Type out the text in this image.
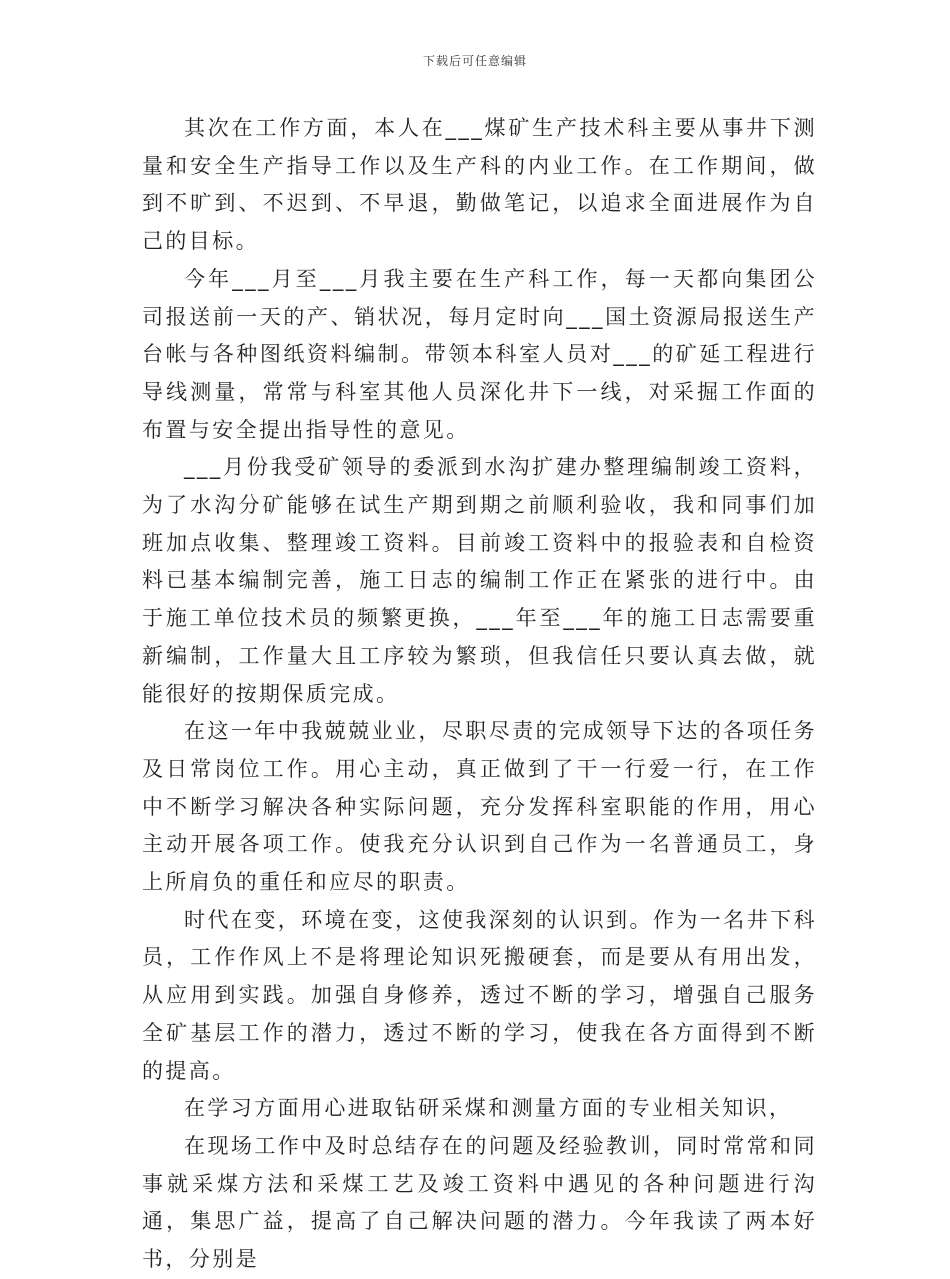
下载后可任意编辑

其次在工作方面，本人在___煤矿生产技术科主要从事井下测量和安全生产指导工作以及生产科的内业工作。在工作期间，做到不旷到、不迟到、不早退，勤做笔记，以追求全面进展作为自己的目标。

今年___月至___月我主要在生产科工作，每一天都向集团公司报送前一天的产、销状况，每月定时向___国土资源局报送生产台帐与各种图纸资料编制。带领本科室人员对___的矿延工程进行导线测量，常常与科室其他人员深化井下一线，对采掘工作面的布置与安全提出指导性的意见。

___月份我受矿领导的委派到水沟扩建办整理编制竣工资料，为了水沟分矿能够在试生产期到期之前顺利验收，我和同事们加班加点收集、整理竣工资料。目前竣工资料中的报验表和自检资料已基本编制完善，施工日志的编制工作正在紧张的进行中。由于施工单位技术员的频繁更换，___年至___年的施工日志需要重新编制，工作量大且工序较为繁琐，但我信任只要认真去做，就能很好的按期保质完成。

在这一年中我兢兢业业，尽职尽责的完成领导下达的各项任务及日常岗位工作。用心主动，真正做到了干一行爱一行，在工作中不断学习解决各种实际问题，充分发挥科室职能的作用，用心主动开展各项工作。使我充分认识到自己作为一名普通员工，身上所肩负的重任和应尽的职责。

时代在变，环境在变，这使我深刻的认识到。作为一名井下科员，工作作风上不是将理论知识死搬硬套，而是要从有用出发，从应用到实践。加强自身修养，透过不断的学习，增强自己服务全矿基层工作的潜力，透过不断的学习，使我在各方面得到不断的提高。

在学习方面用心进取钻研采煤和测量方面的专业相关知识，

在现场工作中及时总结存在的问题及经验教训，同时常常和同事就采煤方法和采煤工艺及竣工资料中遇见的各种问题进行沟通，集思广益，提高了自己解决问题的潜力。今年我读了两本好书，分别是
